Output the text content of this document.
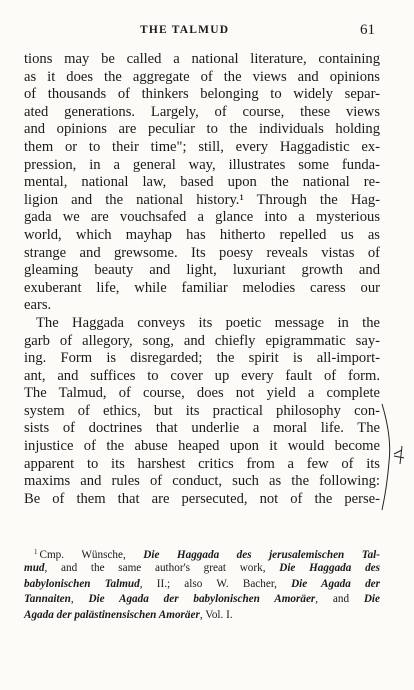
THE TALMUD	61
tions may be called a national literature, containing
as it does the aggregate of the views and opinions
of thousands of thinkers belonging to widely separ-
ated generations. Largely, of course, these views
and opinions are peculiar to the individuals holding
them or to their time"; still, every Haggadistic ex-
pression, in a general way, illustrates some funda-
mental, national law, based upon the national re-
ligion and the national history.¹ Through the Hag-
gada we are vouchsafed a glance into a mysterious
world, which mayhap has hitherto repelled us as
strange and grewsome. Its poesy reveals vistas of
gleaming beauty and light, luxuriant growth and
exuberant life, while familiar melodies caress our
ears.
The Haggada conveys its poetic message in the
garb of allegory, song, and chiefly epigrammatic say-
ing. Form is disregarded; the spirit is all-import-
ant, and suffices to cover up every fault of form.
The Talmud, of course, does not yield a complete
system of ethics, but its practical philosophy con-
sists of doctrines that underlie a moral life. The
injustice of the abuse heaped upon it would become
apparent to its harshest critics from a few of its
maxims and rules of conduct, such as the following:
Be of them that are persecuted, not of the perse-
$^1$ Cmp. Wünsche, Die Haggada des jerusalemischen Tal-
mud, and the same author's great work, Die Haggada des
babylonischen Talmud, II.; also W. Bacher, Die Agada der
Tannaiten, Die Agada der babylonischen Amoräer, and Die
Agada der palästinensischen Amoräer, Vol. I.
